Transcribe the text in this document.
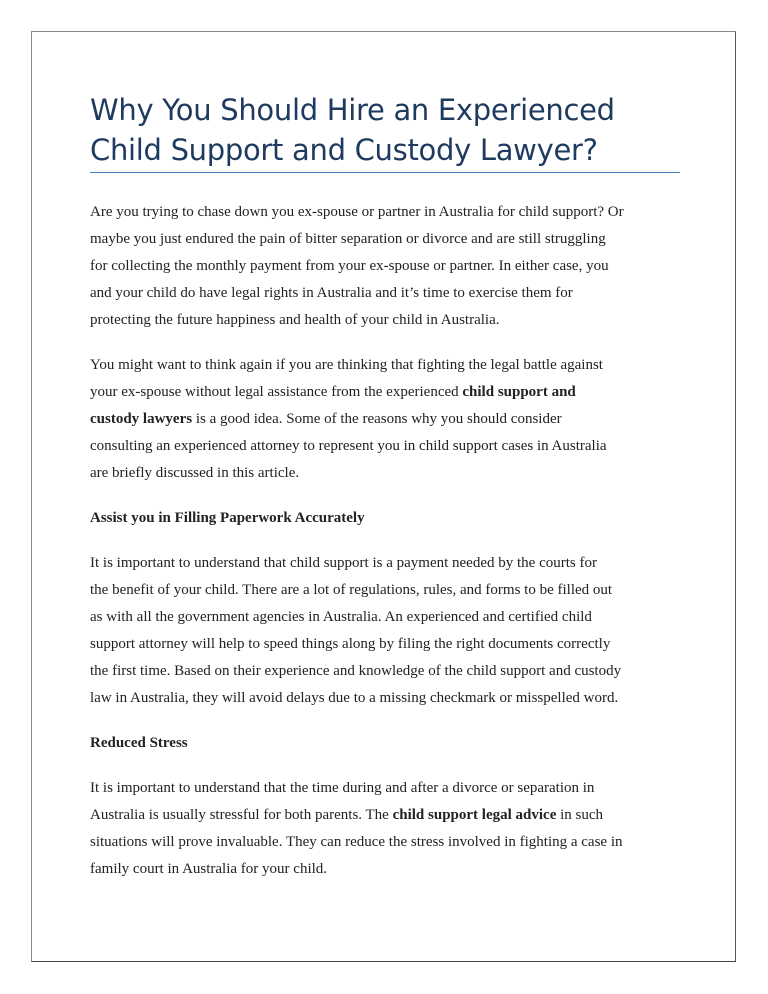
Why You Should Hire an Experienced
Child Support and Custody Lawyer?
Are you trying to chase down you ex-spouse or partner in Australia for child support? Or
maybe you just endured the pain of bitter separation or divorce and are still struggling
for collecting the monthly payment from your ex-spouse or partner. In either case, you
and your child do have legal rights in Australia and it’s time to exercise them for
protecting the future happiness and health of your child in Australia.
You might want to think again if you are thinking that fighting the legal battle against
your ex-spouse without legal assistance from the experienced child support and
custody lawyers is a good idea. Some of the reasons why you should consider
consulting an experienced attorney to represent you in child support cases in Australia
are briefly discussed in this article.
Assist you in Filling Paperwork Accurately
It is important to understand that child support is a payment needed by the courts for
the benefit of your child. There are a lot of regulations, rules, and forms to be filled out
as with all the government agencies in Australia. An experienced and certified child
support attorney will help to speed things along by filing the right documents correctly
the first time. Based on their experience and knowledge of the child support and custody
law in Australia, they will avoid delays due to a missing checkmark or misspelled word.
Reduced Stress
It is important to understand that the time during and after a divorce or separation in
Australia is usually stressful for both parents. The child support legal advice in such
situations will prove invaluable. They can reduce the stress involved in fighting a case in
family court in Australia for your child.
